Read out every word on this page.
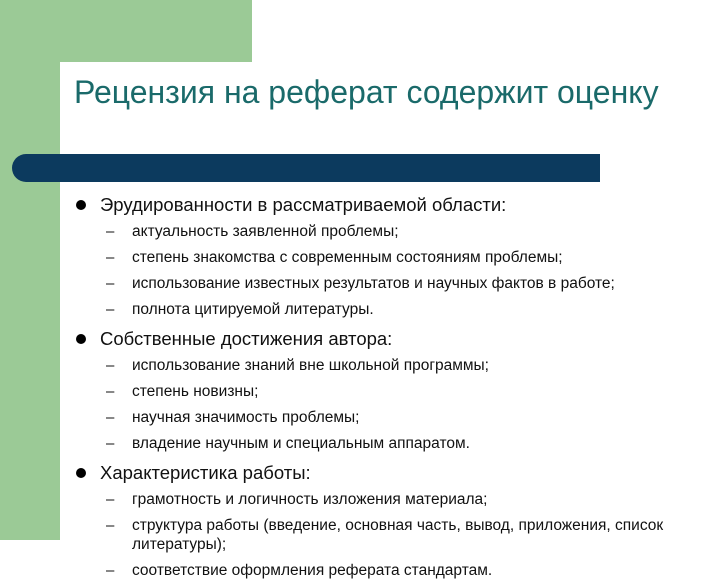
Рецензия на реферат содержит оценку
Эрудированности в рассматриваемой области:
– актуальность заявленной проблемы;
– степень знакомства с современным состояниям проблемы;
– использование известных результатов и научных фактов в работе;
– полнота цитируемой литературы.
Собственные достижения автора:
– использование знаний вне школьной программы;
– степень новизны;
– научная значимость проблемы;
– владение научным и специальным аппаратом.
Характеристика работы:
– грамотность и логичность изложения материала;
– структура работы (введение, основная часть, вывод, приложения, список литературы);
– соответствие оформления реферата стандартам.
